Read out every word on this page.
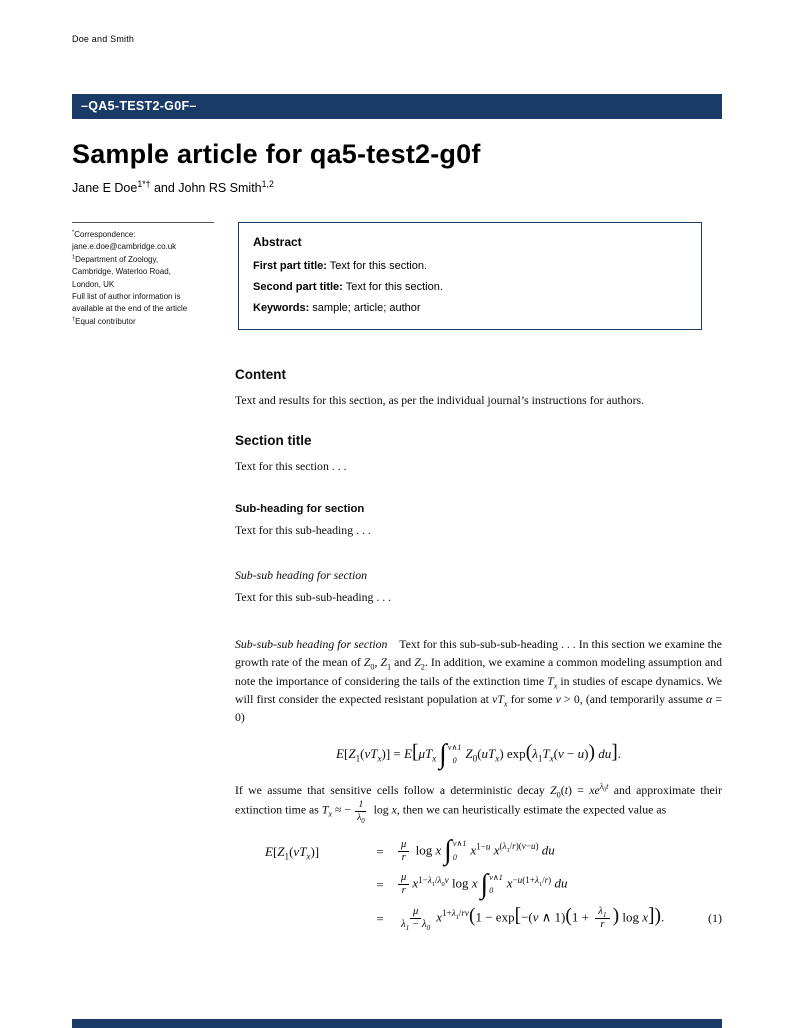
Doe and Smith
–QA5-TEST2-G0F–
Sample article for qa5-test2-g0f
Jane E Doe$^{1*\dagger}$ and John RS Smith$^{1,2}$
*Correspondence:
jane.e.doe@cambridge.co.uk
$^1$Department of Zoology,
Cambridge, Waterloo Road,
London, UK
Full list of author information is
available at the end of the article
†Equal contributor
Abstract
First part title: Text for this section.
Second part title: Text for this section.
Keywords: sample; article; author
Content

Text and results for this section, as per the individual journal’s instructions for authors.

Section title

Text for this section . . .

Sub-heading for section

Text for this sub-heading . . .

Sub-sub heading for section

Text for this sub-sub-heading . . .

Sub-sub-sub heading for section Text for this sub-sub-sub-heading . . . In this section we examine the growth rate of the mean of $Z_0$, $Z_1$ and $Z_2$. In addition, we examine a common modeling assumption and note the importance of considering the tails of the extinction time $T_x$ in studies of escape dynamics. We will first consider the expected resistant population at $vT_x$ for some v > 0, (and temporarily assume α = 0)

$E[Z_1(vT_x)] = E[\mu T_x$ ∫ v∧1
0 $Z_0(uT_x) \exp(\lambda_1T_x(v - u))$ du].

If we assume that sensitive cells follow a deterministic decay $Z_0(t) = xe^{\lambda_0t}$ and approximate their extinction time as $T_x$ ≈ − $\frac{1}{\lambda_0}$ log x, then we can heuristically estimate the expected value as

$E[Z_1(vT_x)]$	=	$\frac{\mu}{r}$ log x ∫ v∧1
0	$x^{1-u}$ $x^{(\lambda_1/r)(v-u)}$ du
=	$\frac{\mu}{r} x^{1-\lambda_1/\lambda_0v}$ log x ∫ v∧1
0	$x^{-u(1+\lambda_1/r)}$ du
=	$\frac{\mu}{\lambda_1 - \lambda_0} x^{1+\lambda_1/rv}(1 - \exp[-(v$ ∧ $1)(1 + \frac{\lambda_1}{r}$ ) log x]).	(1)
